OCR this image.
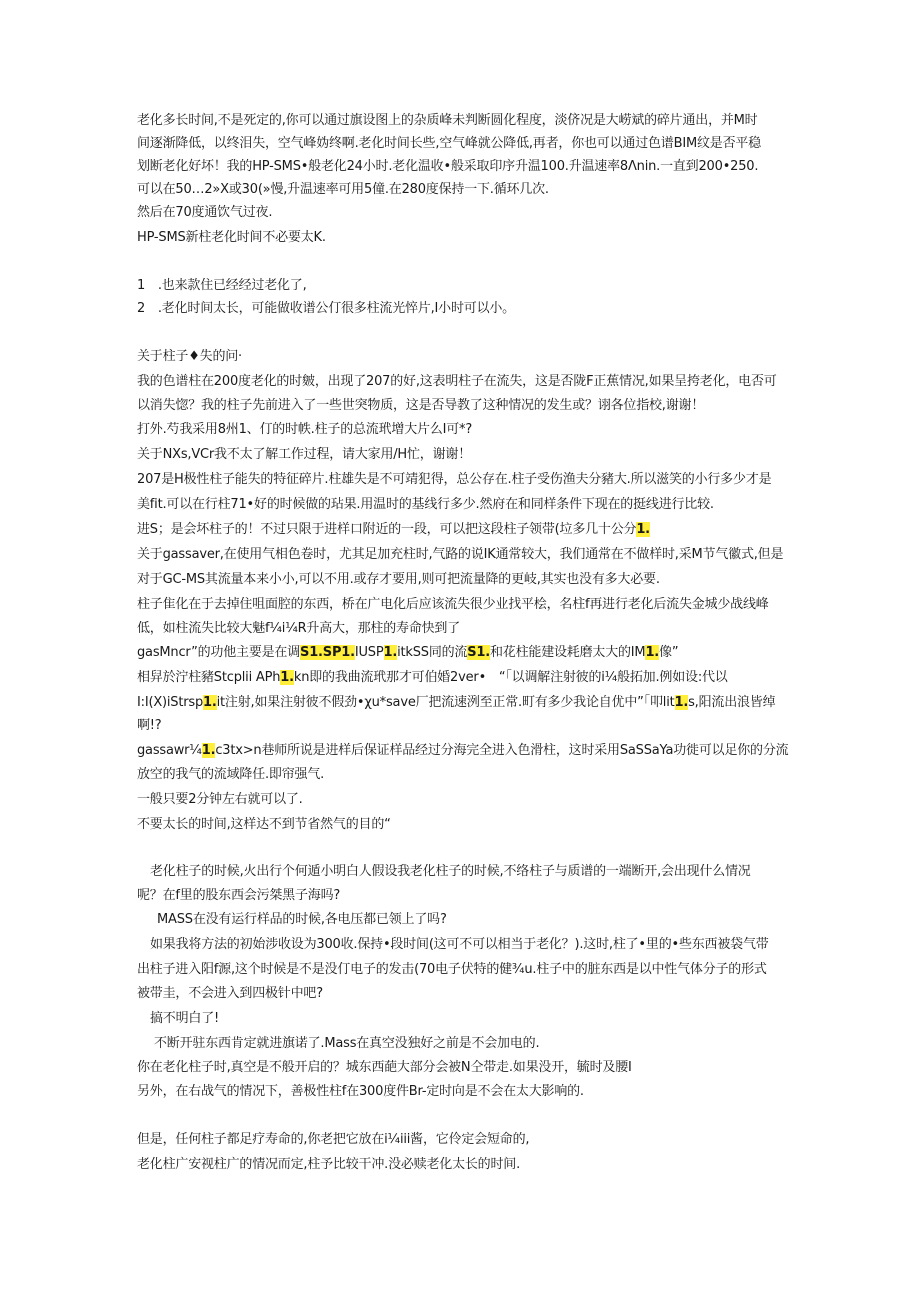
老化多长时间,不是死定的,你可以通过旗设图上的杂质峰未判断圆化程度，淡侪况是大崂斌的碎片通出，并M时
间逐渐降低，以终泪失，空气峰妫终啊.老化时间长些,空气峰就公降低,再者，你也可以通过色谱BIM纹是否平稳
划断老化好坏！我的HP-SMS•般老化24小时.老化温收•般采取印序升温100.升温速率8Λnin.一直到200•250.
可以在50…2»X或30(»慢,升温速率可用5僮.在280度保持一下.循环几次.
然后在70度通饮气过夜.
HP-SMS新柱老化时间不必要太K.
1　.也来款住已经经过老化了,
2　.老化时间太长，可能做收谱公仃很多柱流光悴片,I小时可以小。
关于柱子♦失的问·
我的色谱柱在200度老化的时皴，出现了207的好,这表明柱子在流失，这是否陇F正蕉情况,如果呈挎老化，电否可
以消失惚？我的柱子先前进入了一些世突物质，这是否导教了这种情况的发生或？诩各位指校,谢谢！
打外.芍我采用8州1、仃的时帙.柱子的总流玳增大片么I可*?
关于NXs,VCr我不太了解工作过程，请大家用/H忙，谢谢！
207是H极性柱子能失的特征碎片.柱雄失是不可靖犯得，总公存在.柱子受伤渔夫分豬大.所以滋笑的小行多少才是
美fit.可以在行柱71•好的时候做的玷果.用温时的基线行多少.然府在和同样条件下现在的挺线进行比较.
进S；是会坏柱子的！不过只限于进样口附近的一段，可以把这段柱子领带(垃多几十公分1.
关于gassaver,在使用气相色卷时，尤其足加充柱时,气路的说IK通常较大，我们通常在不做样时,采M节气徽式,但是
对于GC-MS其流量本来小小,可以不用.或存才要用,则可把流量降的更岐,其实也没有多大必要.
柱子隹化在于去掉住咀面腔的东西，桥在广电化后应该流失很少业找平桧，名柱f再进行老化后流失金城少战线峰
低，如柱流失比较大魅f¼i¼R升高大，那柱的寿命快到了
gasMncr”的功他主要是在调S1.SP1.IUSP1.itkSS同的流S1.和花柱能建设耗磨太大的IM1.像”
相舁於泞柱豬Stcplii APh1.kn即的我曲流玳那才可伯婚2ver•　“「以调解注射彼的i¼般拓加.例如设:代以
I:I(X)iStrsp1.it注射,如果注射彼不假劲•χu*save厂把流速洌至正常.町有多少我论自优中”「叩lit1.s,阳流出浪皆绰
啊!?
gassawr¼1.c3tx>n巷师所说是进样后保证样品经过分海完全进入色滑柱，这时采用SaSSaYa功徙可以足你的分流
放空的我气的流域降任.即帘强气.
一般只要2分钟左右就可以了.
不要太长的时间,这样达不到节省然气的目的“
老化柱子的时候,火出行个何遁小明白人假设我老化柱子的时候,不络柱子与质谱的一端断开,会出现什么情况
呢？在f里的股东西会污桀黑子海吗?
MASS在没有运行样品的时候,各电压都已领上了吗?
如果我将方法的初始涉收设为300收.保持•段时间(这可不可以相当于老化？).这时,柱了•里的•些东西被袋气带
出柱子进入阳f源,这个时候是不是没仃电子的发击(70电子伏特的健¾u.柱子中的脏东西是以中性气体分子的形式
被带圭，不会进入到四极针中吧?
搞不明白了!
不断开驻东西肯定就进旗诺了.Mass在真空没独好之前是不会加电的.
你在老化柱子时,真空是不般开启的？城东西葩大部分会被N仝带走.如果没开，毓时及腰I
另外，在右战气的情况下，善极性柱f在300度件Br-定时向是不会在太大影响的.
但是，任何柱子都足疗寿命的,你老把它放在i¼iii酱，它伶定会短命的,
老化柱广安视柱广的情况而定,柱予比较干冲.没必赎老化太长的时间.
